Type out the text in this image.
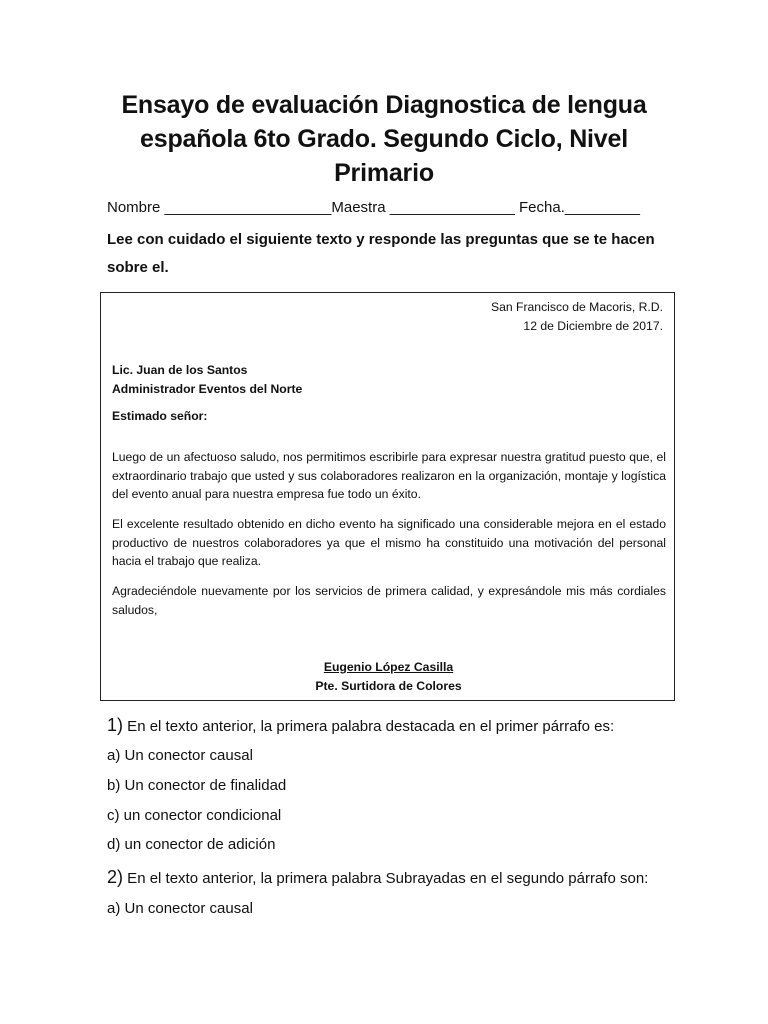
Ensayo de evaluación Diagnostica de lengua
española 6to Grado. Segundo Ciclo, Nivel
Primario
Nombre ____________________Maestra _______________ Fecha._________
Lee con cuidado el siguiente texto y responde las preguntas que se te hacen
sobre el.
San Francisco de Macoris, R.D.
12 de Diciembre de 2017.
Lic. Juan de los Santos
Administrador Eventos del Norte
Estimado señor:
Luego de un afectuoso saludo, nos permitimos escribirle para expresar nuestra gratitud puesto que, el extraordinario trabajo que usted y sus colaboradores realizaron en la organización, montaje y logística del evento anual para nuestra empresa fue todo un éxito.
El excelente resultado obtenido en dicho evento ha significado una considerable mejora en el estado productivo de nuestros colaboradores ya que el mismo ha constituido una motivación del personal hacia el trabajo que realiza.
Agradeciéndole nuevamente por los servicios de primera calidad, y expresándole mis más cordiales saludos,
Eugenio López Casilla
Pte. Surtidora de Colores
1) En el texto anterior, la primera palabra destacada en el primer párrafo es:
a) Un conector causal
b) Un conector de finalidad
c) un conector condicional
d) un conector de adición
2) En el texto anterior, la primera palabra Subrayadas en el segundo párrafo son:
a) Un conector causal
